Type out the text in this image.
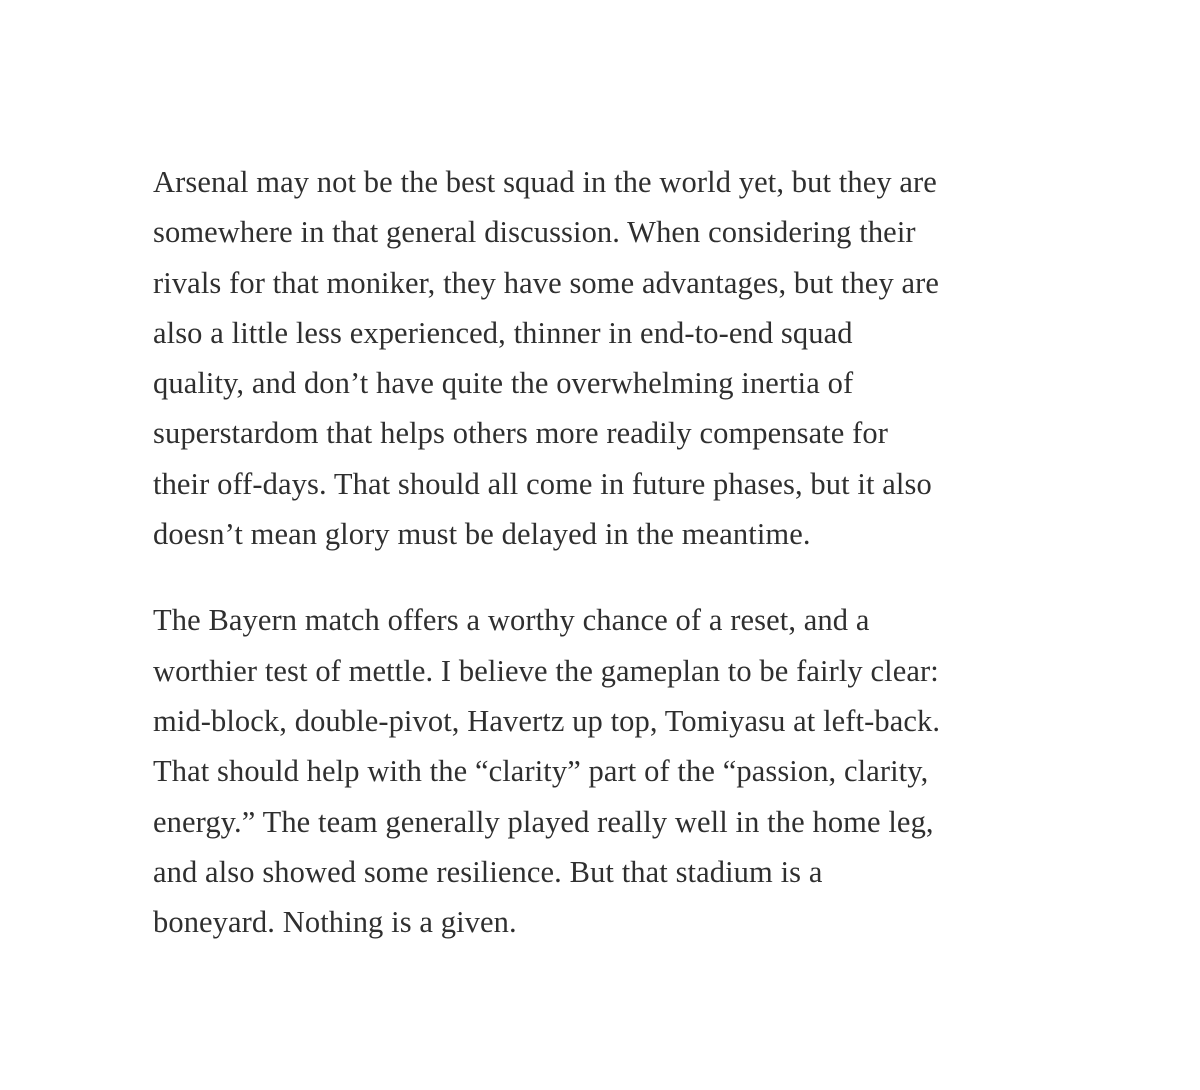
Arsenal may not be the best squad in the world yet, but they are
somewhere in that general discussion. When considering their
rivals for that moniker, they have some advantages, but they are
also a little less experienced, thinner in end-to-end squad
quality, and don’t have quite the overwhelming inertia of
superstardom that helps others more readily compensate for
their off-days. That should all come in future phases, but it also
doesn’t mean glory must be delayed in the meantime.

The Bayern match offers a worthy chance of a reset, and a
worthier test of mettle. I believe the gameplan to be fairly clear:
mid-block, double-pivot, Havertz up top, Tomiyasu at left-back.
That should help with the “clarity” part of the “passion, clarity,
energy.” The team generally played really well in the home leg,
and also showed some resilience. But that stadium is a
boneyard. Nothing is a given.
